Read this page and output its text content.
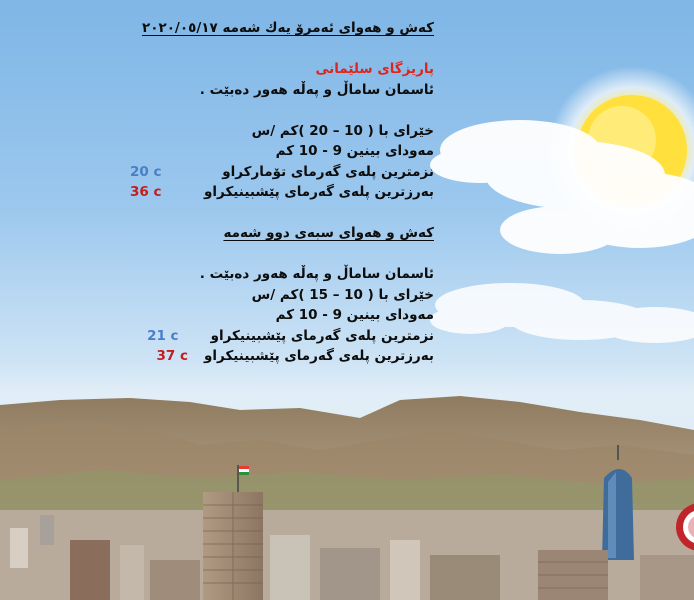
كەش و هەوای ئەمرۆ یەك شەمە ٢٠٢٠/٠٥/١٧
پاریزگای سلێمانی
ئاسمان ساماڵ و پەڵە هەور دەبێت .
خێرای با ( 10 – 20 )كم /س
مەودای بینین 9 - 10 كم
نزمترین پلەی گەرمای تۆماركراو
20 c
بەرزترین پلەی گەرمای پێشبینیكراو
36 c
كەش و هەوای سبەی دوو شەمە
ئاسمان ساماڵ و پەڵە هەور دەبێت .
خێرای با ( 10 – 15 )كم /س
مەودای بینین 9 - 10 كم
نزمترین پلەی گەرمای پێشبینیكراو
21 c
بەرزترین پلەی گەرمای پێشبینیكراو
37 c
